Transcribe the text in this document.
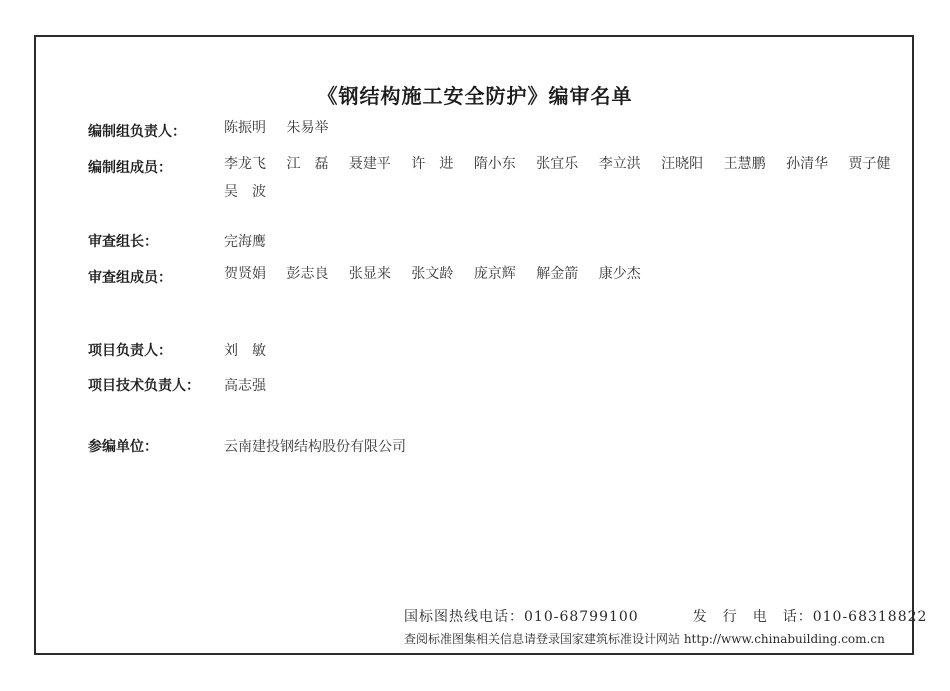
《钢结构施工安全防护》编审名单
编制组负责人：	陈振明 朱易举
编制组成员：	李龙飞 江　磊 聂建平 许　进 隋小东 张宜乐 李立洪 汪晓阳 王慧鹏 孙清华 贾子健 吴　波
审查组长：	完海鹰
审查组成员：	贺贤娟 彭志良 张显来 张文龄 庞京辉 解金箭 康少杰
项目负责人：	刘　敏
项目技术负责人： 高志强
参编单位：	云南建投钢结构股份有限公司
国标图热线电话：010-68799100	发　行　电　话：010-68318822
查阅标准图集相关信息请登录国家建筑标准设计网站 http://www.chinabuilding.com.cn
